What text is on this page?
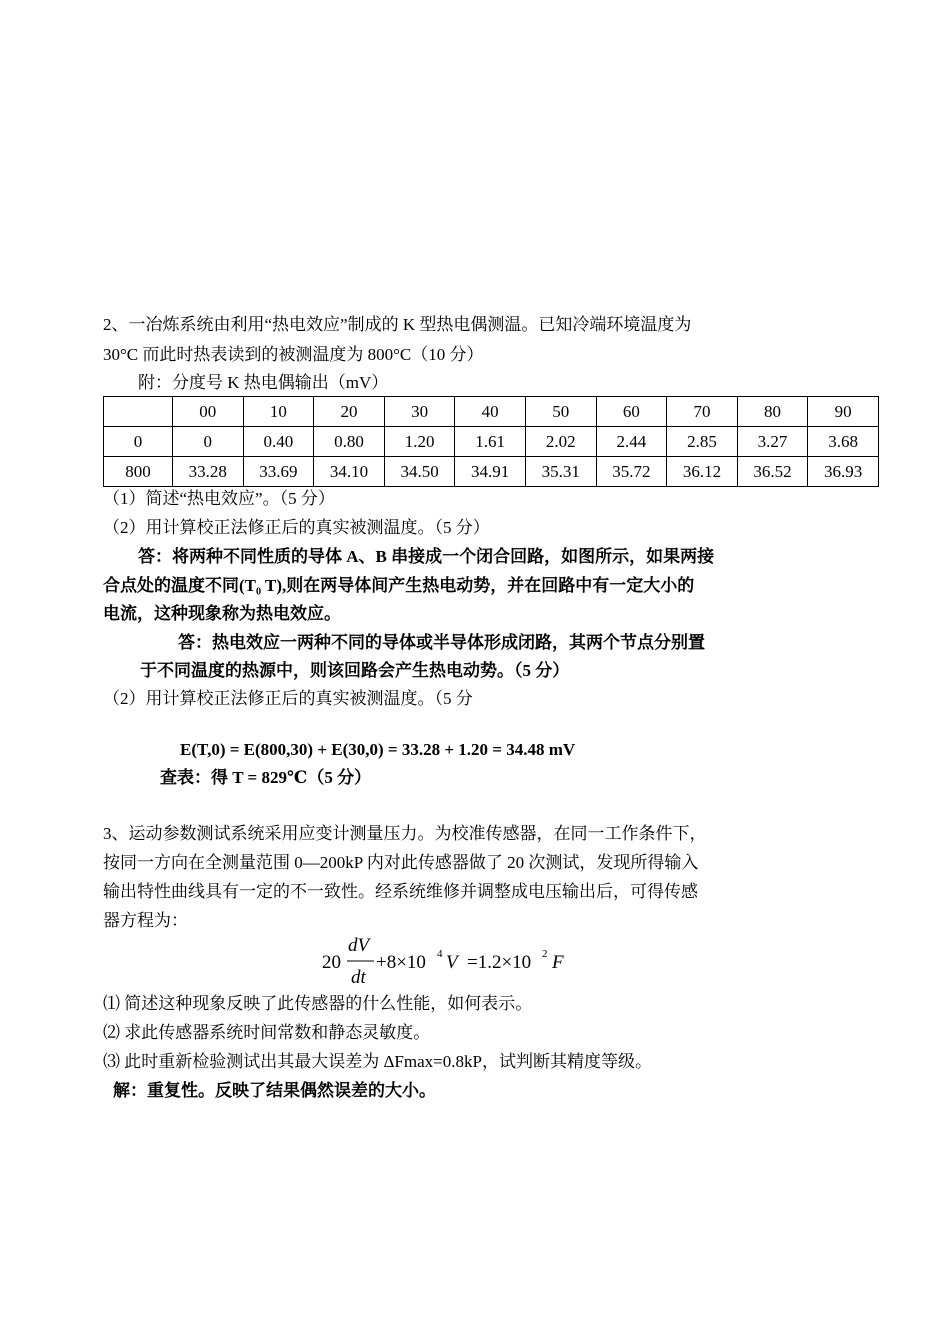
2、一冶炼系统由利用“热电效应”制成的 K 型热电偶测温。已知冷端环境温度为
30°C 而此时热表读到的被测温度为 800°C（10 分）
附：分度号 K 热电偶输出（mV）
	00	10	20	30	40	50	60	70	80	90
0	0	0.40	0.80	1.20	1.61	2.02	2.44	2.85	3.27	3.68
800	33.28	33.69	34.10	34.50	34.91	35.31	35.72	36.12	36.52	36.93
（1）简述“热电效应”。（5 分）
（2）用计算校正法修正后的真实被测温度。（5 分）
答：将两种不同性质的导体 A、B 串接成一个闭合回路，如图所示，如果两接
合点处的温度不同(T₀ T),则在两导体间产生热电动势，并在回路中有一定大小的
电流，这种现象称为热电效应。
答：热电效应一两种不同的导体或半导体形成闭路，其两个节点分别置
于不同温度的热源中，则该回路会产生热电动势。（5 分）
（2）用计算校正法修正后的真实被测温度。（5 分
E(T,0) = E(800,30) + E(30,0) = 33.28 + 1.20 = 34.48 mV
查表：得 T = 829℃（5 分）
3、运动参数测试系统采用应变计测量压力。为校准传感器，在同一工作条件下，
按同一方向在全测量范围 0—200kP 内对此传感器做了 20 次测试，发现所得输入
输出特性曲线具有一定的不一致性。经系统维修并调整成电压输出后，可得传感
器方程为：
20
dV
dt
+8×10 4 V =1.2×10 2 F
⑴ 简述这种现象反映了此传感器的什么性能，如何表示。
⑵ 求此传感器系统时间常数和静态灵敏度。
⑶ 此时重新检验测试出其最大误差为 ΔFmax=0.8kP，试判断其精度等级。
解：重复性。反映了结果偶然误差的大小。
